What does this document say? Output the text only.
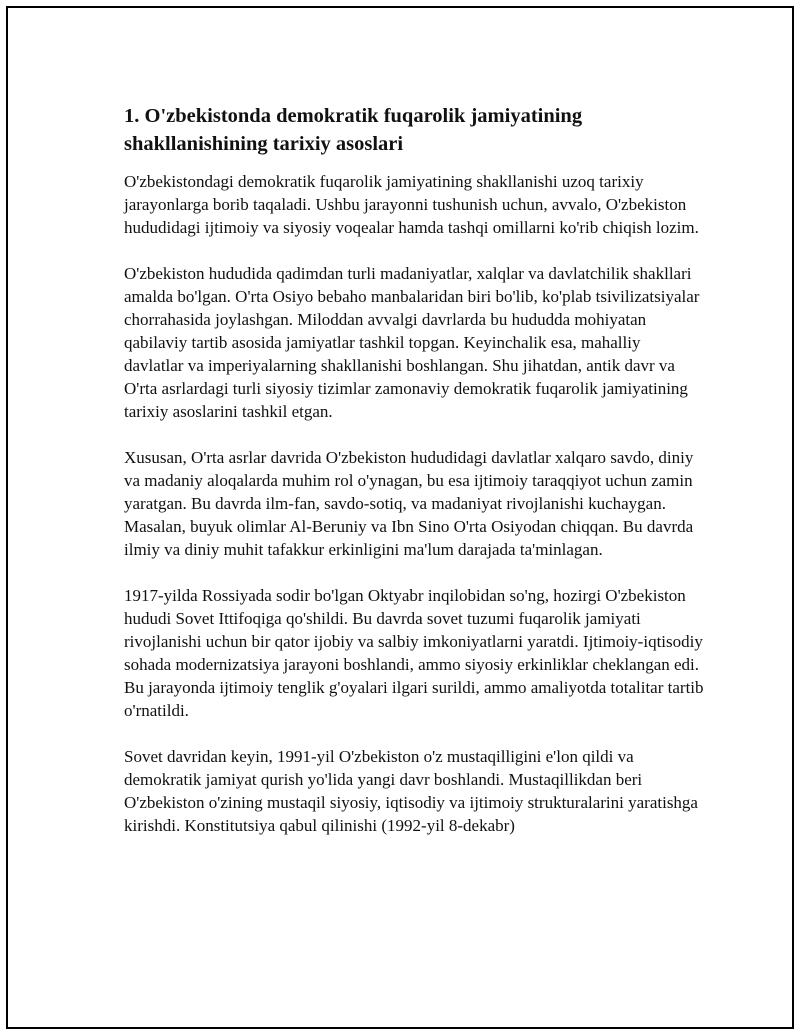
1. O'zbekistonda demokratik fuqarolik jamiyatining shakllanishining tarixiy asoslari

O'zbekistondagi demokratik fuqarolik jamiyatining shakllanishi uzoq tarixiy jarayonlarga borib taqaladi. Ushbu jarayonni tushunish uchun, avvalo, O'zbekiston hududidagi ijtimoiy va siyosiy voqealar hamda tashqi omillarni ko'rib chiqish lozim.

O'zbekiston hududida qadimdan turli madaniyatlar, xalqlar va davlatchilik shakllari amalda bo'lgan. O'rta Osiyo bebaho manbalaridan biri bo'lib, ko'plab tsivilizatsiyalar chorrahasida joylashgan. Miloddan avvalgi davrlarda bu hududda mohiyatan qabilaviy tartib asosida jamiyatlar tashkil topgan. Keyinchalik esa, mahalliy davlatlar va imperiyalarning shakllanishi boshlangan. Shu jihatdan, antik davr va O'rta asrlardagi turli siyosiy tizimlar zamonaviy demokratik fuqarolik jamiyatining tarixiy asoslarini tashkil etgan.

Xususan, O'rta asrlar davrida O'zbekiston hududidagi davlatlar xalqaro savdo, diniy va madaniy aloqalarda muhim rol o'ynagan, bu esa ijtimoiy taraqqiyot uchun zamin yaratgan. Bu davrda ilm-fan, savdo-sotiq, va madaniyat rivojlanishi kuchaygan. Masalan, buyuk olimlar Al-Beruniy va Ibn Sino O'rta Osiyodan chiqqan. Bu davrda ilmiy va diniy muhit tafakkur erkinligini ma'lum darajada ta'minlagan.

1917-yilda Rossiyada sodir bo'lgan Oktyabr inqilobidan so'ng, hozirgi O'zbekiston hududi Sovet Ittifoqiga qo'shildi. Bu davrda sovet tuzumi fuqarolik jamiyati rivojlanishi uchun bir qator ijobiy va salbiy imkoniyatlarni yaratdi. Ijtimoiy-iqtisodiy sohada modernizatsiya jarayoni boshlandi, ammo siyosiy erkinliklar cheklangan edi. Bu jarayonda ijtimoiy tenglik g'oyalari ilgari surildi, ammo amaliyotda totalitar tartib o'rnatildi.

Sovet davridan keyin, 1991-yil O'zbekiston o'z mustaqilligini e'lon qildi va demokratik jamiyat qurish yo'lida yangi davr boshlandi. Mustaqillikdan beri O'zbekiston o'zining mustaqil siyosiy, iqtisodiy va ijtimoiy strukturalarini yaratishga kirishdi. Konstitutsiya qabul qilinishi (1992-yil 8-dekabr)
